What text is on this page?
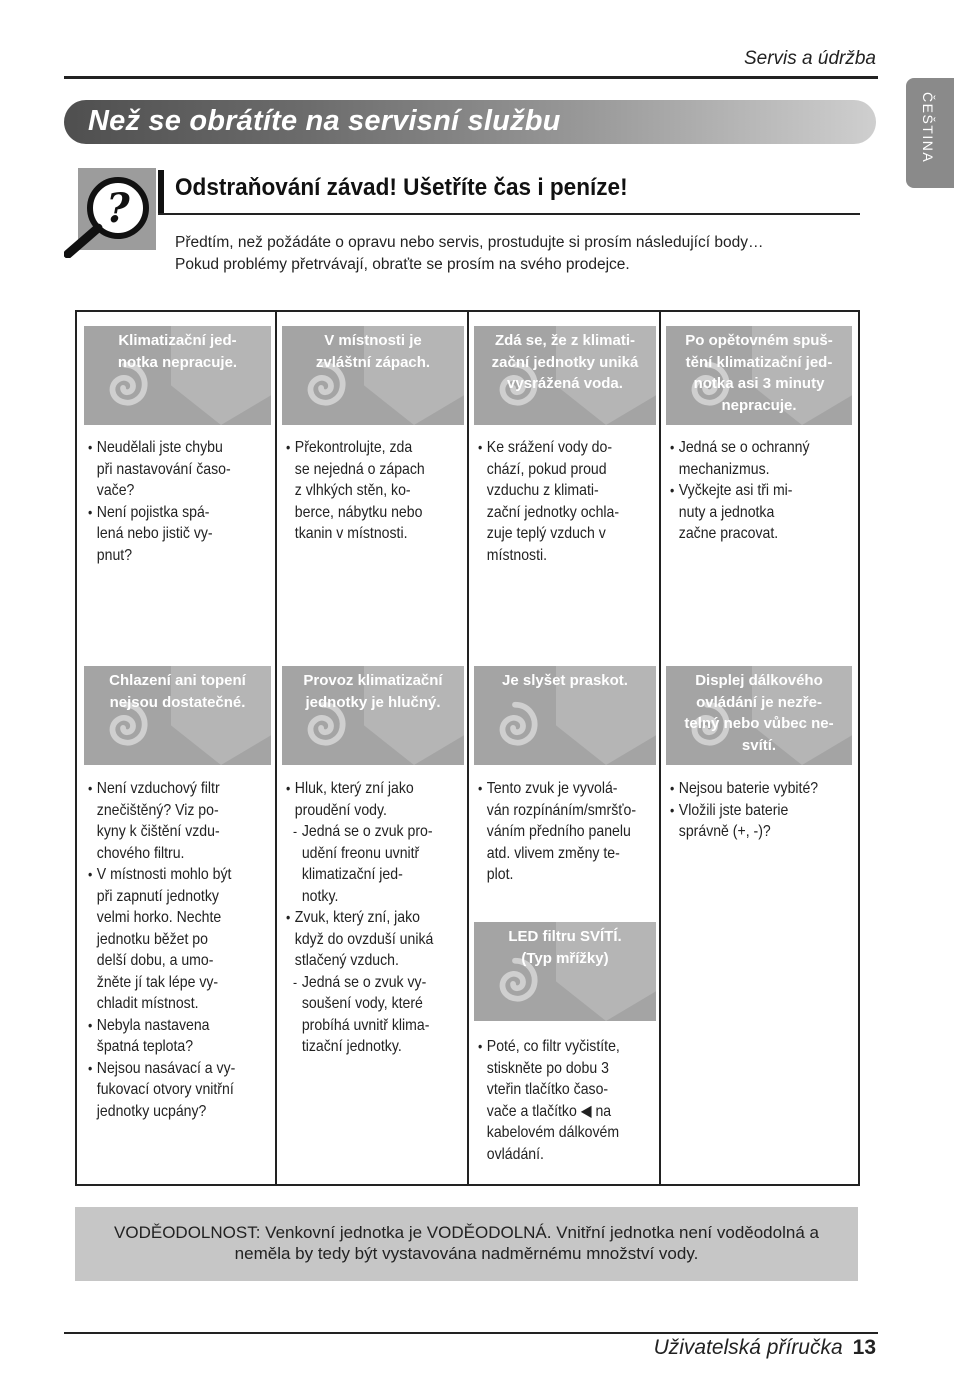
Servis a údržba
Než se obrátíte na servisní službu	ČEŠTINA
? Odstraňování závad! Ušetříte čas i peníze!
Předtím, než požádáte o opravu nebo servis, prostudujte si prosím následující body…
Pokud problémy přetrvávají, obraťte se prosím na svého prodejce.
Klimatizační jed-
notka nepracuje.
• Neudělali jste chybu
při nastavování časo-
vače?
• Není pojistka spá-
lená nebo jistič vy-
pnut?
V místnosti je
zvláštní zápach.
• Překontrolujte, zda
se nejedná o zápach
z vlhkých stěn, ko-
berce, nábytku nebo
tkanin v místnosti.
Zdá se, že z klimati-
zační jednotky uniká
vysrážená voda.
• Ke srážení vody do-
chází, pokud proud
vzduchu z klimati-
zační jednotky ochla-
zuje teplý vzduch v
místnosti.
Po opětovném spuš-
tění klimatizační jed-
notka asi 3 minuty
nepracuje.
• Jedná se o ochranný
mechanizmus.
• Vyčkejte asi tři mi-
nuty a jednotka
začne pracovat.
Chlazení ani topení
nejsou dostatečné.
• Není vzduchový filtr
znečištěný? Viz po-
kyny k čištění vzdu-
chového filtru.
• V místnosti mohlo být
při zapnutí jednotky
velmi horko. Nechte
jednotku běžet po
delší dobu, a umo-
žněte jí tak lépe vy-
chladit místnost.
• Nebyla nastavena
špatná teplota?
• Nejsou nasávací a vy-
fukovací otvory vnitřní
jednotky ucpány?
Provoz klimatizační
jednotky je hlučný.
• Hluk, který zní jako
proudění vody.
- Jedná se o zvuk pro-
udění freonu uvnitř
klimatizační jed-
notky.
• Zvuk, který zní, jako
když do ovzduší uniká
stlačený vzduch.
- Jedná se o zvuk vy-
soušení vody, které
probíhá uvnitř klima-
tizační jednotky.
Je slyšet praskot.
• Tento zvuk je vyvolá-
ván rozpínáním/smršťo-
váním předního panelu
atd. vlivem změny te-
plot.
LED filtru SVÍTÍ.
(Typ mřížky)
• Poté, co filtr vyčistíte,
stiskněte po dobu 3
vteřin tlačítko časo-
vače a tlačítko ◀ na
kabelovém dálkovém
ovládání.
Displej dálkového
ovládání je nezře-
telný nebo vůbec ne-
svítí.
• Nejsou baterie vybité?
• Vložili jste baterie
správně (+, -)?
VODĚODOLNOST: Venkovní jednotka je VODĚODOLNÁ. Vnitřní jednotka není voděodolná a
neměla by tedy být vystavována nadměrnému množství vody.
Uživatelská příručka 13
